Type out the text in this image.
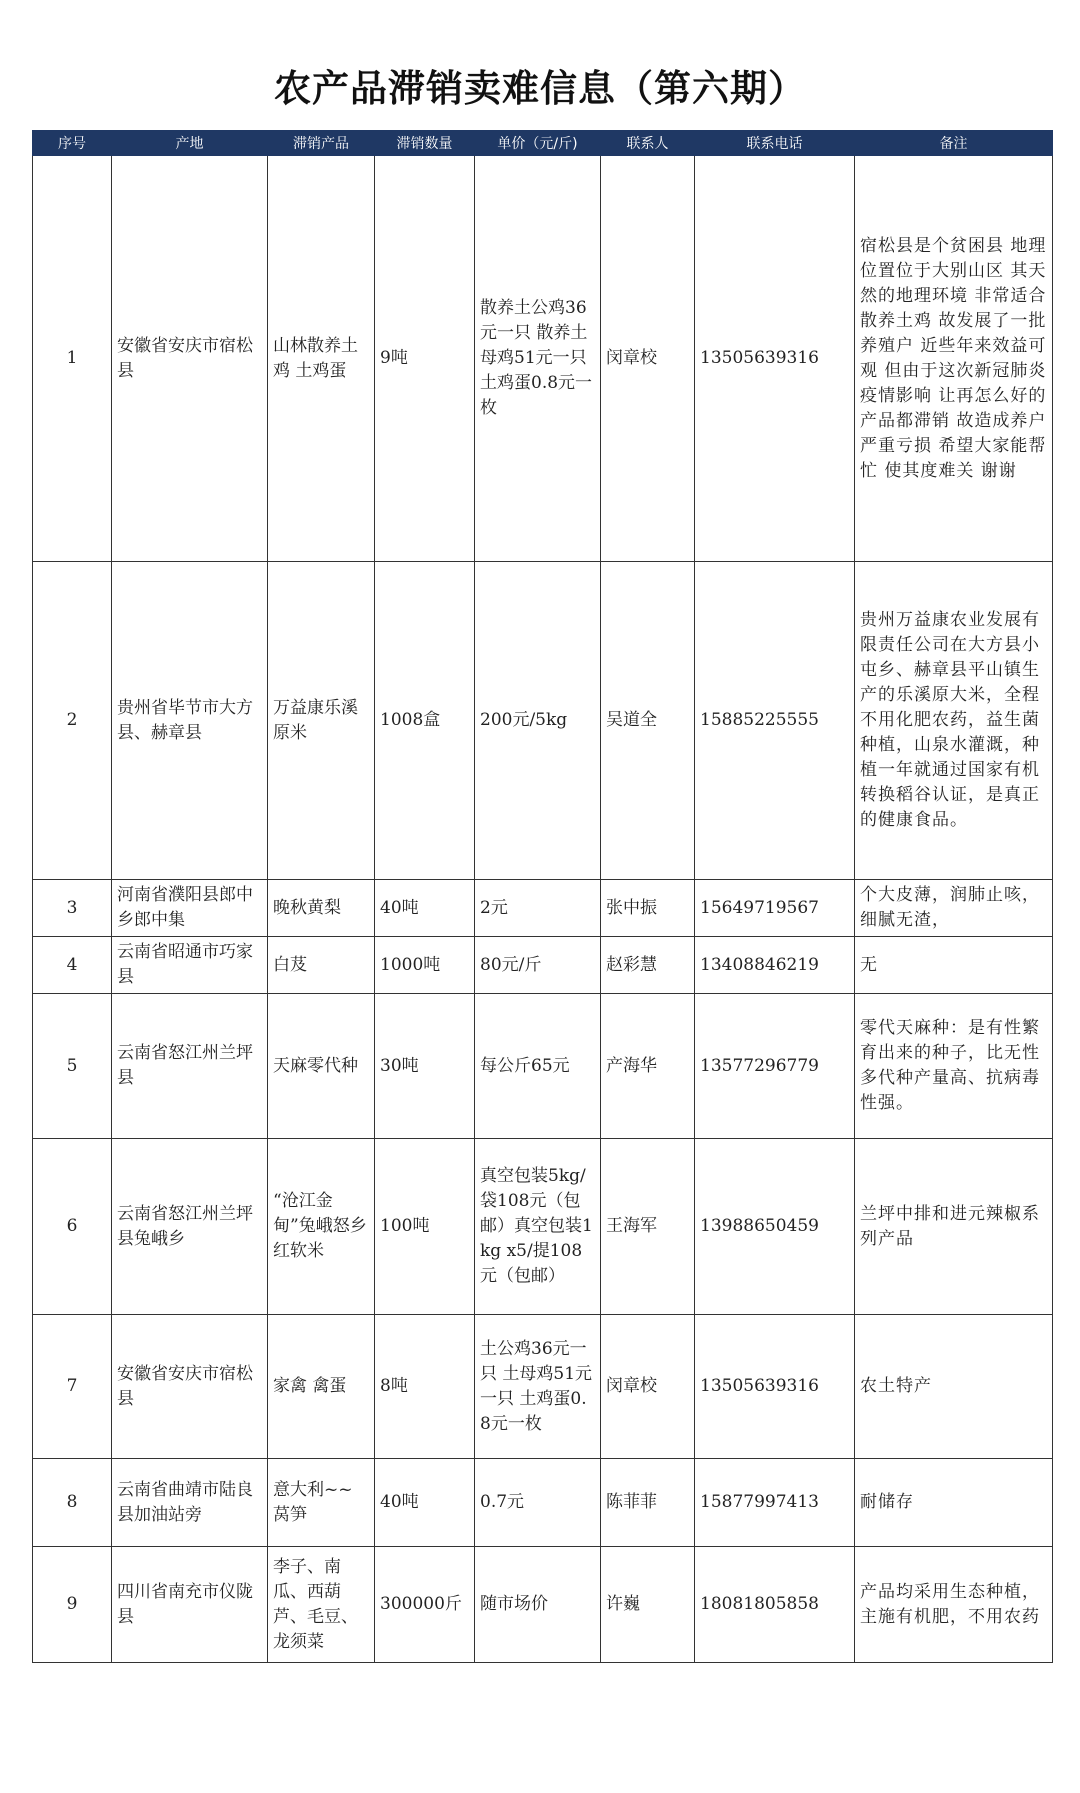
农产品滞销卖难信息（第六期）
序号	产地	滞销产品	滞销数量	单价（元/斤)	联系人	联系电话	备注
1	安徽省安庆市宿松县	山林散养土鸡 土鸡蛋	9吨	散养土公鸡36元一只 散养土母鸡51元一只 土鸡蛋0.8元一枚	闵章校	13505639316	宿松县是个贫困县 地理位置位于大别山区 其天然的地理环境 非常适合散养土鸡 故发展了一批养殖户 近些年来效益可观 但由于这次新冠肺炎疫情影响 让再怎么好的产品都滞销 故造成养户严重亏损 希望大家能帮忙 使其度难关 谢谢
2	贵州省毕节市大方县、赫章县	万益康乐溪原米	1008盒	200元/5kg	吴道全	15885225555	贵州万益康农业发展有限责任公司在大方县小屯乡、赫章县平山镇生产的乐溪原大米，全程不用化肥农药，益生菌种植，山泉水灌溉，种植一年就通过国家有机转换稻谷认证，是真正的健康食品。
3	河南省濮阳县郎中乡郎中集	晚秋黄梨	40吨	2元	张中振	15649719567	个大皮薄，润肺止咳，细腻无渣，
4	云南省昭通市巧家县	白芨	1000吨	80元/斤	赵彩慧	13408846219	无
5	云南省怒江州兰坪县	天麻零代种	30吨	每公斤65元	产海华	13577296779	零代天麻种：是有性繁育出来的种子，比无性多代种产量高、抗病毒性强。
6	云南省怒江州兰坪县兔峨乡	“沧江金甸”兔峨怒乡红软米	100吨	真空包装5kg/袋108元（包邮）真空包装1kg x5/提108元（包邮）	王海军	13988650459	兰坪中排和进元辣椒系列产品
7	安徽省安庆市宿松县	家禽 禽蛋	8吨	土公鸡36元一只 土母鸡51元一只 土鸡蛋0.8元一枚	闵章校	13505639316	农土特产
8	云南省曲靖市陆良县加油站旁	意大利~~莴笋	40吨	0.7元	陈菲菲	15877997413	耐储存
9	四川省南充市仪陇县	李子、南瓜、西葫芦、毛豆、龙须菜	300000斤	随市场价	许巍	18081805858	产品均采用生态种植，主施有机肥，不用农药
